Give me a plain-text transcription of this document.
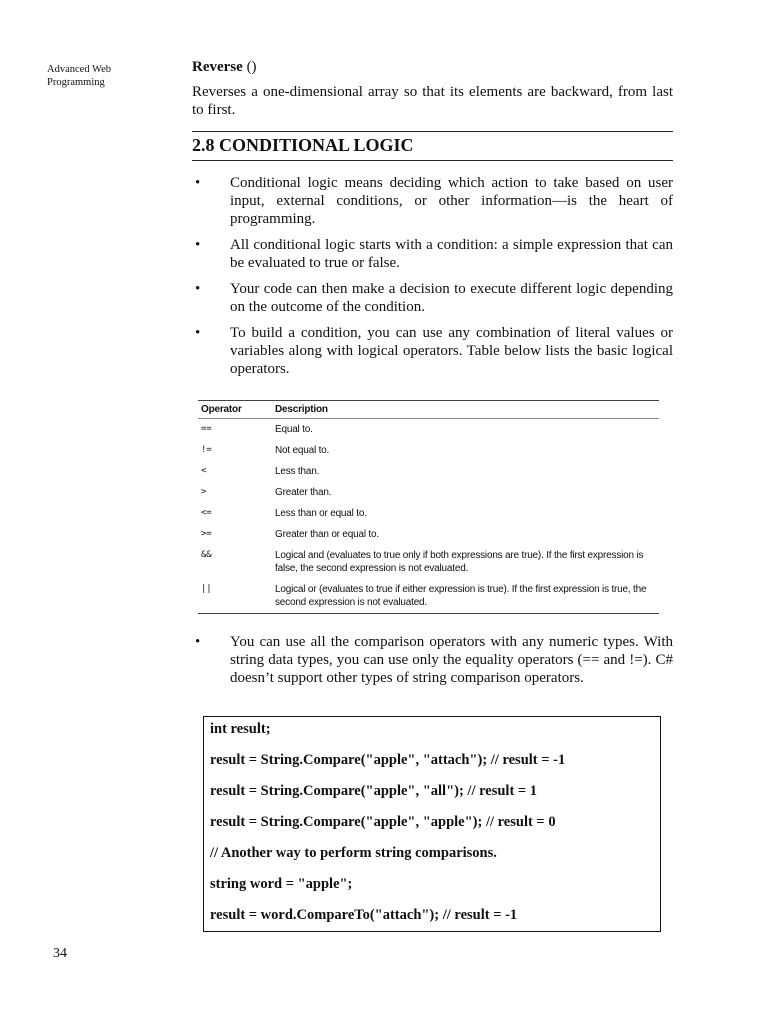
Advanced Web Programming
Reverse ()
Reverses a one-dimensional array so that its elements are backward, from last to first.
2.8 CONDITIONAL LOGIC
• Conditional logic means deciding which action to take based on user input, external conditions, or other information—is the heart of programming.
• All conditional logic starts with a condition: a simple expression that can be evaluated to true or false.
• Your code can then make a decision to execute different logic depending on the outcome of the condition.
• To build a condition, you can use any combination of literal values or variables along with logical operators. Table below lists the basic logical operators.
Operator	Description
==	Equal to.
!=	Not equal to.
<	Less than.
>	Greater than.
<=	Less than or equal to.
>=	Greater than or equal to.
&&	Logical and (evaluates to true only if both expressions are true). If the first expression is false, the second expression is not evaluated.
||	Logical or (evaluates to true if either expression is true). If the first expression is true, the second expression is not evaluated.
• You can use all the comparison operators with any numeric types. With string data types, you can use only the equality operators (== and !=). C# doesn’t support other types of string comparison operators.
int result;
result = String.Compare("apple", "attach"); // result = -1
result = String.Compare("apple", "all"); // result = 1
result = String.Compare("apple", "apple"); // result = 0
// Another way to perform string comparisons.
string word = "apple";
result = word.CompareTo("attach"); // result = -1
34
